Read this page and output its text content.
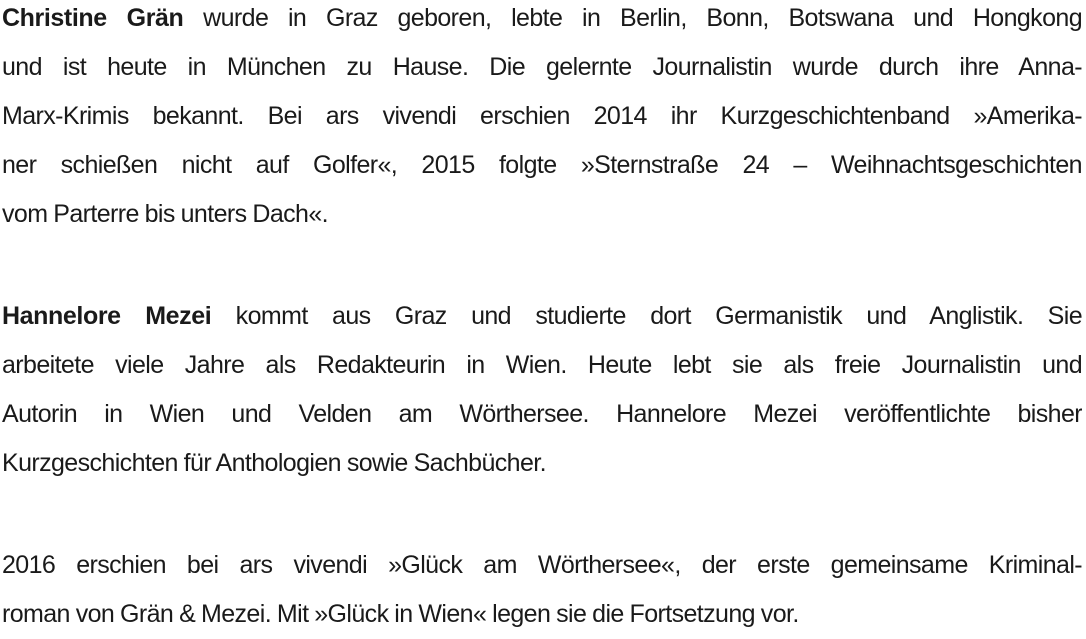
Christine Grän wurde in Graz geboren, lebte in Berlin, Bonn, Botswana und Hongkong
und ist heute in München zu Hause. Die gelernte Journalistin wurde durch ihre Anna-
Marx-Krimis bekannt. Bei ars vivendi erschien 2014 ihr Kurzgeschichtenband »Amerika-
ner schießen nicht auf Golfer«, 2015 folgte »Sternstraße 24 – Weihnachtsgeschichten
vom Parterre bis unters Dach«.
Hannelore Mezei kommt aus Graz und studierte dort Germanistik und Anglistik. Sie
arbeitete viele Jahre als Redakteurin in Wien. Heute lebt sie als freie Journalistin und
Autorin in Wien und Velden am Wörthersee. Hannelore Mezei veröffentlichte bisher
Kurzgeschichten für Anthologien sowie Sachbücher.
2016 erschien bei ars vivendi »Glück am Wörthersee«, der erste gemeinsame Kriminal-
roman von Grän & Mezei. Mit »Glück in Wien« legen sie die Fortsetzung vor.
